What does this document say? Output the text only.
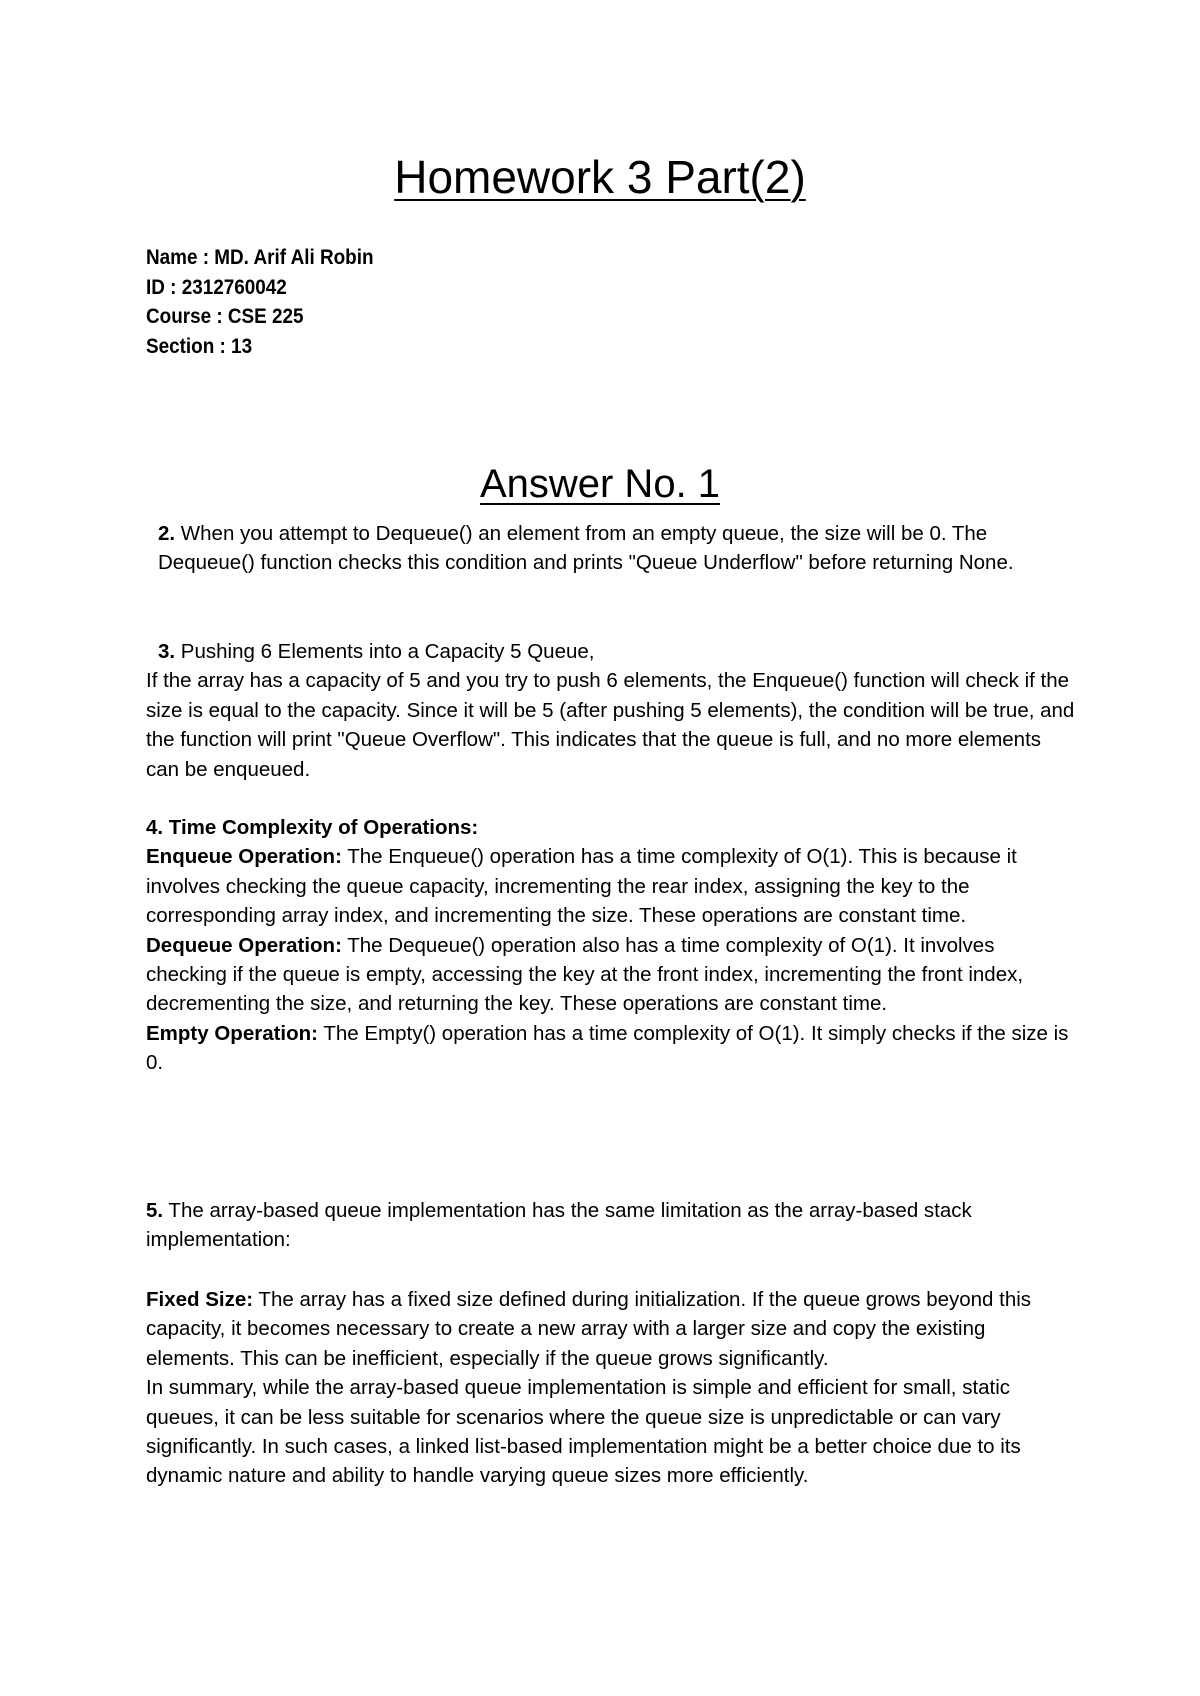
Homework 3 Part(2)
Name : MD. Arif Ali Robin
ID : 2312760042
Course : CSE 225
Section : 13
Answer No. 1

2. When you attempt to Dequeue() an element from an empty queue, the size will be 0. The Dequeue() function checks this condition and prints "Queue Underflow" before returning None.

3. Pushing 6 Elements into a Capacity 5 Queue,

If the array has a capacity of 5 and you try to push 6 elements, the Enqueue() function will check if the size is equal to the capacity. Since it will be 5 (after pushing 5 elements), the condition will be true, and the function will print "Queue Overflow". This indicates that the queue is full, and no more elements can be enqueued.

4. Time Complexity of Operations:

Enqueue Operation: The Enqueue() operation has a time complexity of O(1). This is because it involves checking the queue capacity, incrementing the rear index, assigning the key to the corresponding array index, and incrementing the size. These operations are constant time.

Dequeue Operation: The Dequeue() operation also has a time complexity of O(1). It involves checking if the queue is empty, accessing the key at the front index, incrementing the front index, decrementing the size, and returning the key. These operations are constant time.

Empty Operation: The Empty() operation has a time complexity of O(1). It simply checks if the size is 0.

5. The array-based queue implementation has the same limitation as the array-based stack implementation:

Fixed Size: The array has a fixed size defined during initialization. If the queue grows beyond this capacity, it becomes necessary to create a new array with a larger size and copy the existing elements. This can be inefficient, especially if the queue grows significantly.

In summary, while the array-based queue implementation is simple and efficient for small, static queues, it can be less suitable for scenarios where the queue size is unpredictable or can vary significantly. In such cases, a linked list-based implementation might be a better choice due to its dynamic nature and ability to handle varying queue sizes more efficiently.
